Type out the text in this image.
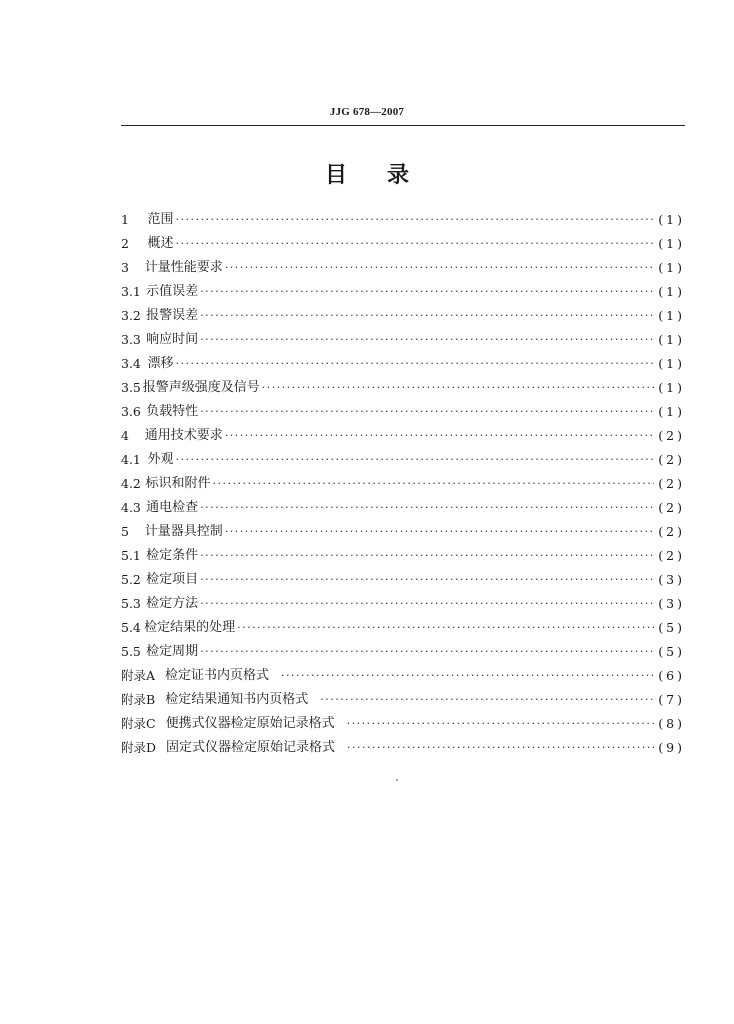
JJG 678—2007
目录
1	范围 ·····	(1)
2	概述 ·····	(1)
3	计量性能要求 ·····	(1)
3.1 示值误差 ·····	(1)
3.2 报警误差 ·····	(1)
3.3 响应时间 ·····	(1)
3.4 漂移 ·····	(1)
3.5 报警声级强度及信号 ·····	(1)
3.6 负载特性 ·····	(1)
4	通用技术要求 ·····	(2)
4.1 外观 ·····	(2)
4.2 标识和附件 ·····	(2)
4.3 通电检查 ·····	(2)
5	计量器具控制 ·····	(2)
5.1 检定条件 ·····	(2)
5.2 检定项目 ·····	(3)
5.3 检定方法 ·····	(3)
5.4 检定结果的处理 ·····	(5)
5.5 检定周期 ·····	(5)
附录A 检定证书内页格式 ·····	(6)
附录B 检定结果通知书内页格式 ·····	(7)
附录C 便携式仪器检定原始记录格式 ·····	(8)
附录D 固定式仪器检定原始记录格式 ·····	(9)
